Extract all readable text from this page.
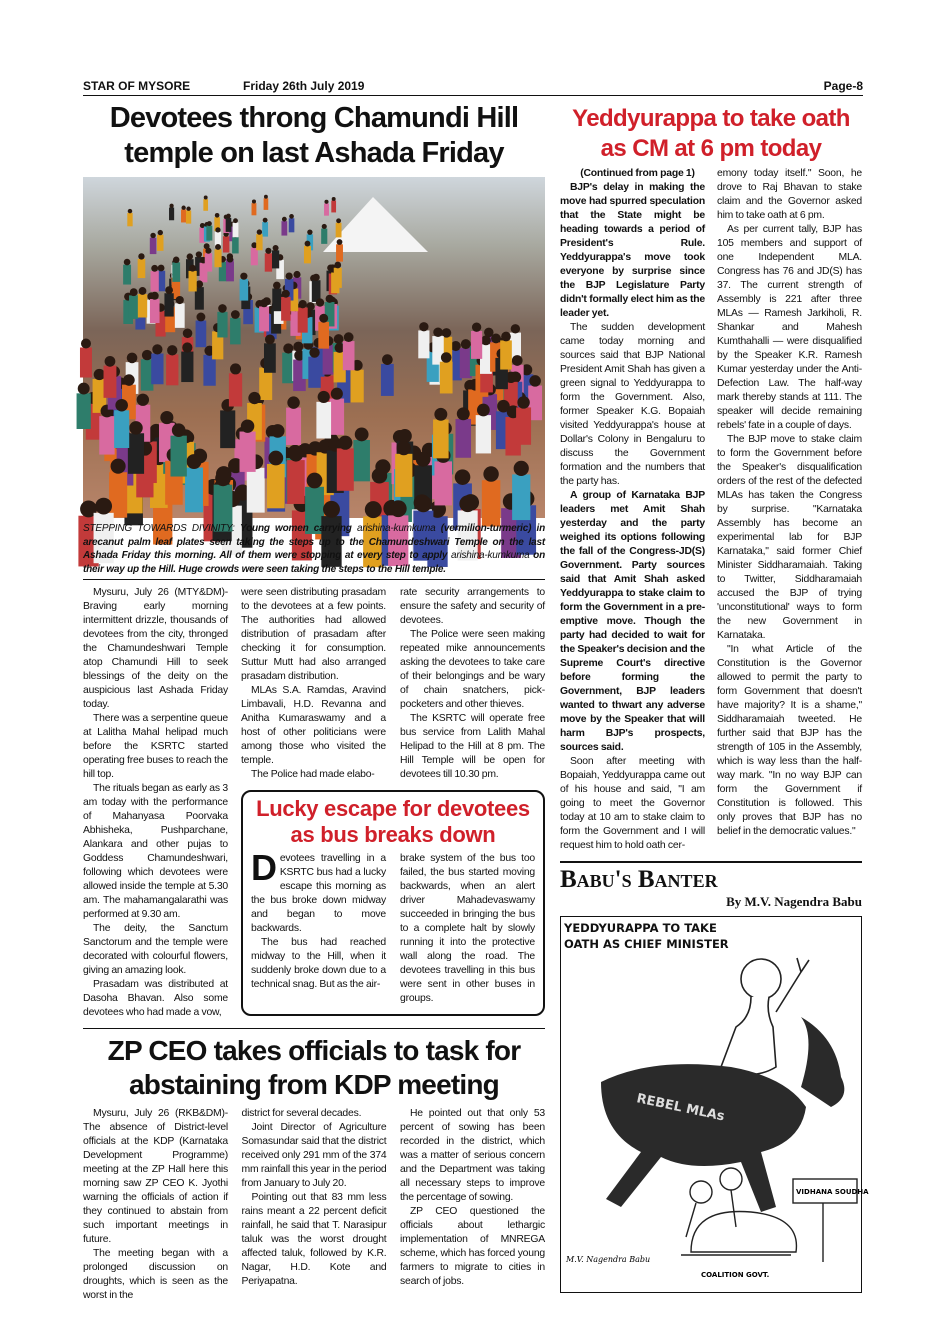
STAR OF MYSORE	Friday 26th July 2019	Page-8
Devotees throng Chamundi Hill temple on last Ashada Friday
STEPPING TOWARDS DIVINITY: Young women carrying arishina-kumkuma (vermilion-turmeric) in arecanut palm leaf plates seen taking the steps up to the Chamundeshwari Temple on the last Ashada Friday this morning. All of them were stopping at every step to apply arishina-kumkuma on their way up the Hill. Huge crowds were seen taking the steps to the Hill temple.

Mysuru, July 26 (MTY&DM)- Braving early morning intermittent drizzle, thousands of devotees from the city, thronged the Chamundeshwari Temple atop Chamundi Hill to seek blessings of the deity on the auspicious last Ashada Friday today.

There was a serpentine queue at Lalitha Mahal helipad much before the KSRTC started operating free buses to reach the hill top.

The rituals began as early as 3 am today with the performance of Mahanyasa Poorvaka Abhisheka, Pushparchane, Alankara and other pujas to Goddess Chamundeshwari, following which devotees were allowed inside the temple at 5.30 am. The mahamangalarathi was performed at 9.30 am.

The deity, the Sanctum Sanctorum and the temple were decorated with colourful flowers, giving an amazing look.

Prasadam was distributed at Dasoha Bhavan. Also some devotees who had made a vow,

were seen distributing prasadam to the devotees at a few points. The authorities had allowed distribution of prasadam after checking it for consumption. Suttur Mutt had also arranged prasadam distribution.

MLAs S.A. Ramdas, Aravind Limbavali, H.D. Revanna and Anitha Kumaraswamy and a host of other politicians were among those who visited the temple.

The Police had made elabo-

rate security arrangements to ensure the safety and security of devotees.

The Police were seen making repeated mike announcements asking the devotees to take care of their belongings and be wary of chain snatchers, pick-pocketers and other thieves.

The KSRTC will operate free bus service from Lalith Mahal Helipad to the Hill at 8 pm. The Hill Temple will be open for devotees till 10.30 pm.

Lucky escape for devotees as bus breaks down
D evotees travelling in a KSRTC bus had a lucky escape this morning as the bus broke down midway and began to move backwards.

The bus had reached midway to the Hill, when it suddenly broke down due to a technical snag. But as the air-

brake system of the bus too failed, the bus started moving backwards, when an alert driver Mahadevaswamy succeeded in bringing the bus to a complete halt by slowly running it into the protective wall along the road. The devotees travelling in this bus were sent in other buses in groups.

ZP CEO takes officials to task for abstaining from KDP meeting

Mysuru, July 26 (RKB&DM)- The absence of District-level officials at the KDP (Karnataka Development Programme) meeting at the ZP Hall here this morning saw ZP CEO K. Jyothi warning the officials of action if they continued to abstain from such important meetings in future.

The meeting began with a prolonged discussion on droughts, which is seen as the worst in the

district for several decades.

Joint Director of Agriculture Somasundar said that the district received only 291 mm of the 374 mm rainfall this year in the period from January to July 20.

Pointing out that 83 mm less rains meant a 22 percent deficit rainfall, he said that T. Narasipur taluk was the worst drought affected taluk, followed by K.R. Nagar, H.D. Kote and Periyapatna.

He pointed out that only 53 percent of sowing has been recorded in the district, which was a matter of serious concern and the Department was taking all necessary steps to improve the percentage of sowing.

ZP CEO questioned the officials about lethargic implementation of MNREGA scheme, which has forced young farmers to migrate to cities in search of jobs.

Yeddyurappa to take oath as CM at 6 pm today

(Continued from page 1)

BJP's delay in making the move had spurred speculation that the State might be heading towards a period of President's Rule. Yeddyurappa's move took everyone by surprise since the BJP Legislature Party didn't formally elect him as the leader yet.

The sudden development came today morning and sources said that BJP National President Amit Shah has given a green signal to Yeddyurappa to form the Government. Also, former Speaker K.G. Bopaiah visited Yeddyurappa's house at Dollar's Colony in Bengaluru to discuss the Government formation and the numbers that the party has.

A group of Karnataka BJP leaders met Amit Shah yesterday and the party weighed its options following the fall of the Congress-JD(S) Government. Party sources said that Amit Shah asked Yeddyurappa to stake claim to form the Government in a pre-emptive move. Though the party had decided to wait for the Speaker's decision and the Supreme Court's directive before forming the Government, BJP leaders wanted to thwart any adverse move by the Speaker that will harm BJP's prospects, sources said.

Soon after meeting with Bopaiah, Yeddyurappa came out of his house and said, "I am going to meet the Governor today at 10 am to stake claim to form the Government and I will request him to hold oath cer-

emony today itself." Soon, he drove to Raj Bhavan to stake claim and the Governor asked him to take oath at 6 pm.

As per current tally, BJP has 105 members and support of one Independent MLA. Congress has 76 and JD(S) has 37. The current strength of Assembly is 221 after three MLAs — Ramesh Jarkiholi, R. Shankar and Mahesh Kumthahalli — were disqualified by the Speaker K.R. Ramesh Kumar yesterday under the Anti-Defection Law. The half-way mark thereby stands at 111. The speaker will decide remaining rebels' fate in a couple of days.

The BJP move to stake claim to form the Government before the Speaker's disqualification orders of the rest of the defected MLAs has taken the Congress by surprise. "Karnataka Assembly has become an experimental lab for BJP Karnataka," said former Chief Minister Siddharamaiah. Taking to Twitter, Siddharamaiah accused the BJP of trying 'unconstitutional' ways to form the new Government in Karnataka.

"In what Article of the Constitution is the Governor allowed to permit the party to form Government that doesn't have majority? It is a shame," Siddharamaiah tweeted. He further said that BJP has the strength of 105 in the Assembly, which is way less than the half-way mark. "In no way BJP can form the Government if Constitution is followed. This only proves that BJP has no belief in the democratic values."

Babu's Banter
By M.V. Nagendra Babu
YEDDYURAPPA TO TAKE OATH AS CHIEF MINISTER
REBEL MLAs
VIDHANA SOUDHA
COALITION GOVT.
M.V. Nagendra Babu
